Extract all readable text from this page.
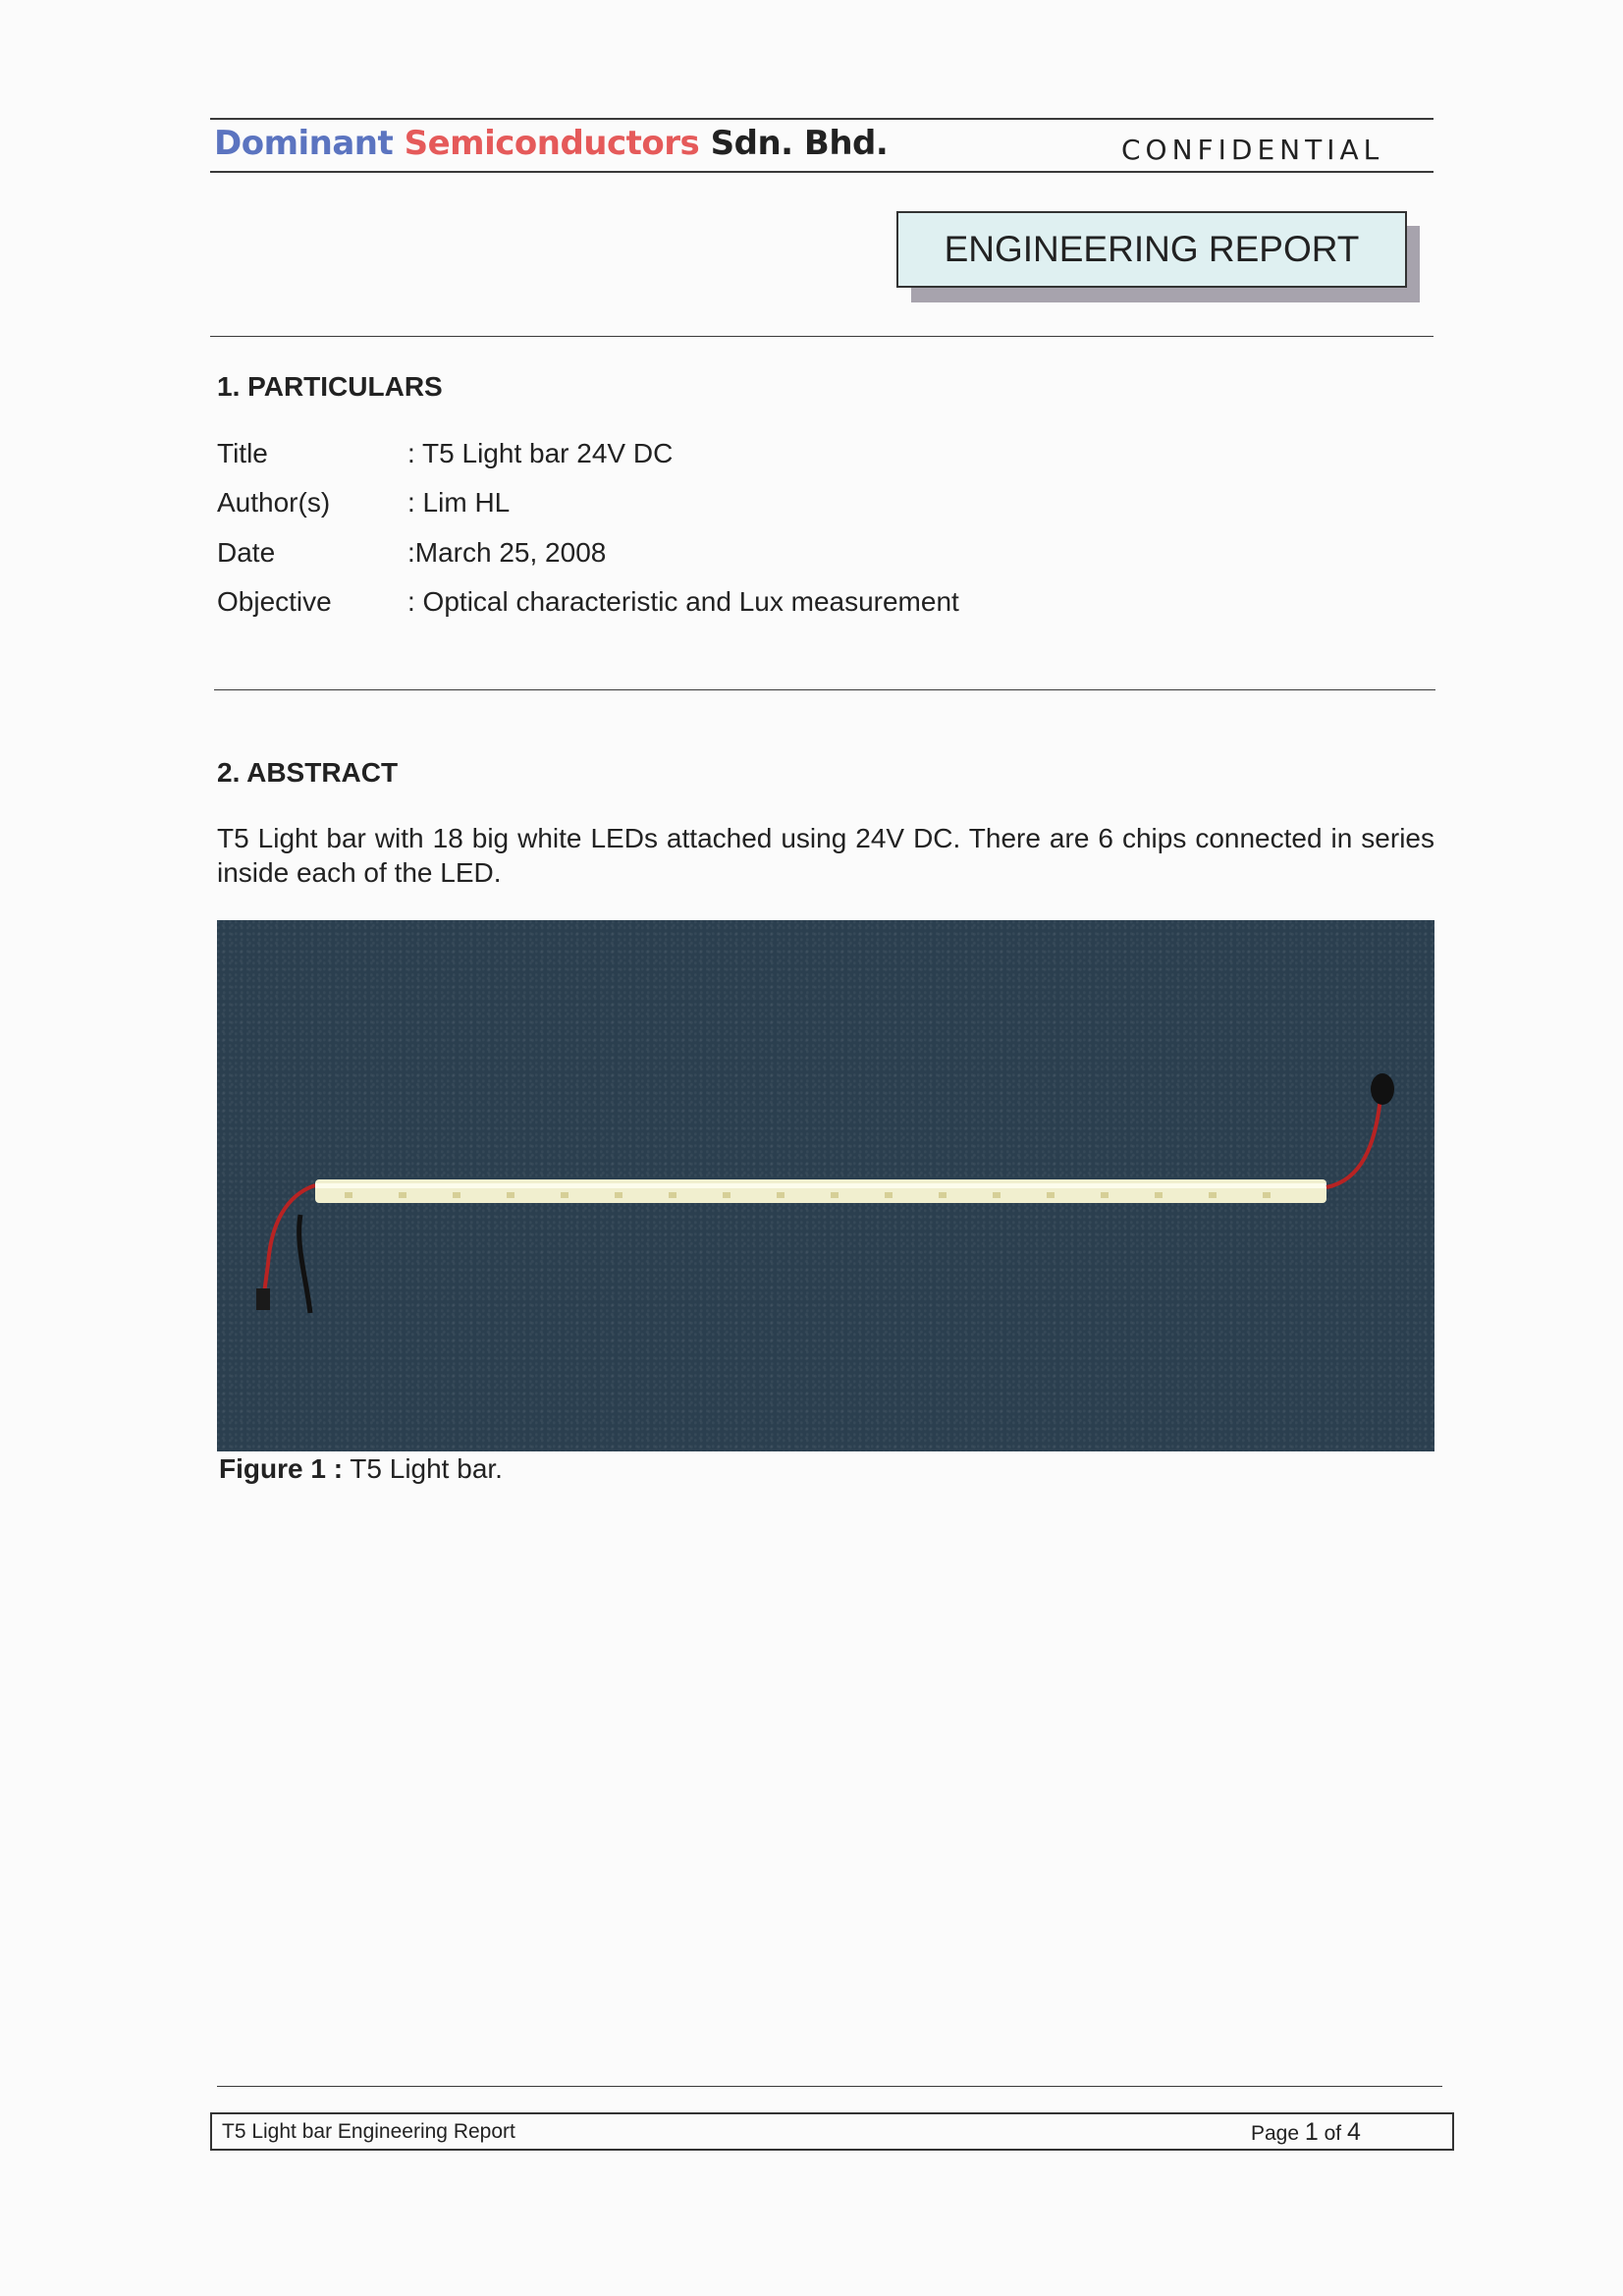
Dominant Semiconductors Sdn. Bhd.	CONFIDENTIAL
ENGINEERING REPORT
1. PARTICULARS
Title	: T5 Light bar 24V DC
Author(s)	: Lim HL
Date	:March 25, 2008
Objective	: Optical characteristic and Lux measurement
2. ABSTRACT
T5 Light bar with 18 big white LEDs attached using 24V DC. There are 6 chips connected in series inside each of the LED.
Figure 1 : T5 Light bar.
T5 Light bar Engineering Report	Page 1 of 4
